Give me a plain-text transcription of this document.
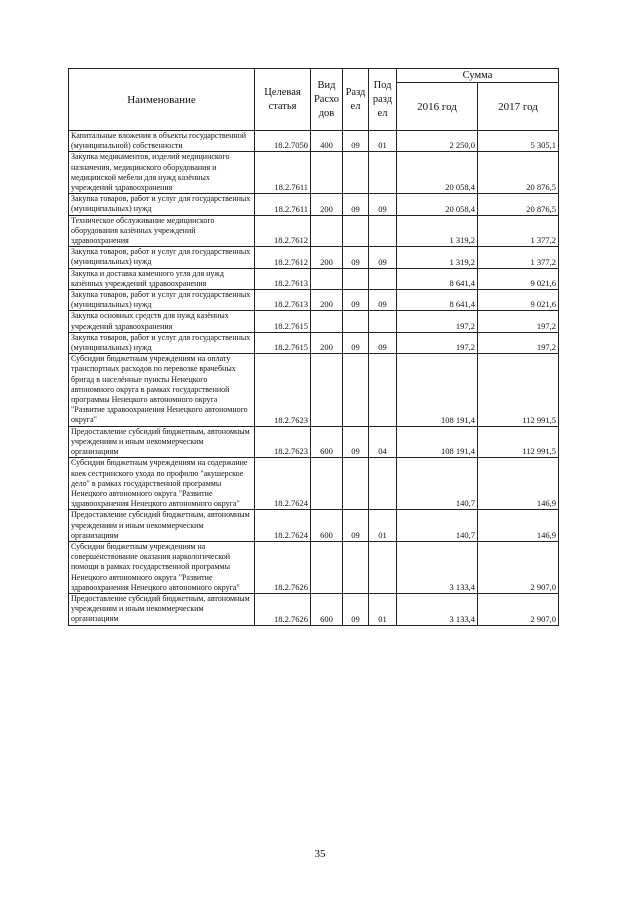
Наименование	Целевая статья	Вид Расхо дов	Разд ел	Под разд ел	Сумма	
					2016 год	2017 год
Капитальные вложения в объекты государственной (муниципальной) собственности	18.2.7050	400	09	01	2 250,0	5 305,1
Закупка медикаментов, изделий медицинского назначения, медицинского оборудования и медицинской мебели для нужд казённых учреждений здравоохранения	18.2.7611				20 058,4	20 876,5
Закупка товаров, работ и услуг для государственных (муниципальных) нужд	18.2.7611	200	09	09	20 058,4	20 876,5
Техническое обслуживание медицинского оборудования казённых учреждений здравоохранения	18.2.7612				1 319,2	1 377,2
Закупка товаров, работ и услуг для государственных (муниципальных) нужд	18.2.7612	200	09	09	1 319,2	1 377,2
Закупка и доставка каменного угля для нужд казённых учреждений здравоохранения	18.2.7613				8 641,4	9 021,6
Закупка товаров, работ и услуг для государственных (муниципальных) нужд	18.2.7613	200	09	09	8 641,4	9 021,6
Закупка основных средств для нужд казённых учреждений здравоохранения	18.2.7615				197,2	197,2
Закупка товаров, работ и услуг для государственных (муниципальных) нужд	18.2.7615	200	09	09	197,2	197,2
Субсидии бюджетным учреждениям на оплату транспортных расходов по перевозке врачебных бригад в населённые пункты Ненецкого автономного округа в рамках государственной программы Ненецкого автономного округа "Развитие здравоохранения Ненецкого автономного округа"	18.2.7623				108 191,4	112 991,5
Предоставление субсидий бюджетным, автономным учреждениям и иным некоммерческим организациям	18.2.7623	600	09	04	108 191,4	112 991,5
Субсидии бюджетным учреждениям на содержание коек сестринского ухода по профилю "акушерское дело" в рамках государственной программы Ненецкого автономного округа "Развитие здравоохранения Ненецкого автономного округа"	18.2.7624				140,7	146,9
Предоставление субсидий бюджетным, автономным учреждениям и иным некоммерческим организациям	18.2.7624	600	09	01	140,7	146,9
Субсидии бюджетным учреждениям на совершенствование оказания наркологической помощи в рамках государственной программы Ненецкого автономного округа "Развитие здравоохранения Ненецкого автономного округа"	18.2.7626				3 133,4	2 907,0
Предоставление субсидий бюджетным, автономным учреждениям и иным некоммерческим организациям	18.2.7626	600	09	01	3 133,4	2 907,0
35
